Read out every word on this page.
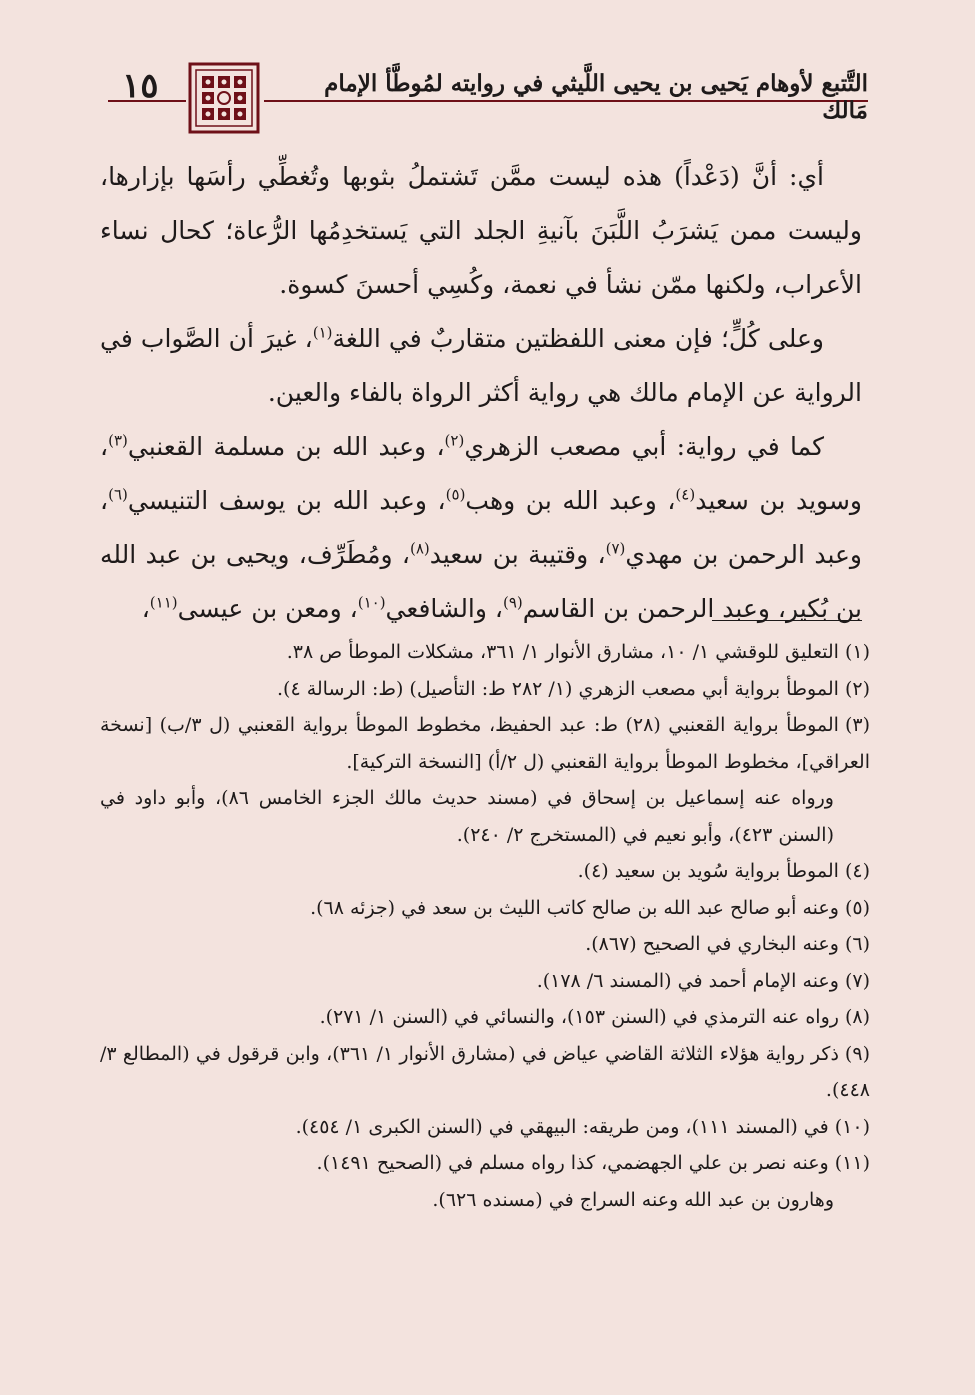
١٥	التَّتبع لأوهام يَحيى بن يحيى اللَّيثي في روايته لمُوطَّأ الإمام مَالك

أي: أنَّ (دَعْداً) هذه ليست ممَّن تَشتملُ بثوبها وتُغطِّي رأسَها بإزارها، وليست ممن يَشرَبُ اللَّبَنَ بآنيةِ الجلد التي يَستخدِمُها الرُّعاة؛ كحال نساء الأعراب، ولكنها ممّن نشأ في نعمة، وكُسِي أحسنَ كسوة.

وعلى كُلٍّ؛ فإن معنى اللفظتين متقاربٌ في اللغة$^{(١)}$، غيرَ أن الصَّواب في الرواية عن الإمام مالك هي رواية أكثر الرواة بالفاء والعين.

كما في رواية: أبي مصعب الزهري$^{(٢)}$، وعبد الله بن مسلمة القعنبي$^{(٣)}$، وسويد بن سعيد$^{(٤)}$، وعبد الله بن وهب$^{(٥)}$، وعبد الله بن يوسف التنيسي$^{(٦)}$، وعبد الرحمن بن مهدي$^{(٧)}$، وقتيبة بن سعيد$^{(٨)}$، ومُطَرِّف، ويحيى بن عبد الله بن بُكير، وعبد الرحمن بن القاسم$^{(٩)}$، والشافعي$^{(١٠)}$، ومعن بن عيسى$^{(١١)}$،

(١)التعليق للوقشي ١/ ١٠، مشارق الأنوار ١/ ٣٦١، مشكلات الموطأ ص ٣٨.

(٢)الموطأ برواية أبي مصعب الزهري (١/ ٢٨٢ ط: التأصيل) (ط: الرسالة ٤).

(٣)الموطأ برواية القعنبي (٢٨) ط: عبد الحفيظ، مخطوط الموطأ برواية القعنبي (ل ٣/ب) [نسخة العراقي]، مخطوط الموطأ برواية القعنبي (ل ٢/أ) [النسخة التركية].

ورواه عنه إسماعيل بن إسحاق في (مسند حديث مالك الجزء الخامس ٨٦)، وأبو داود في (السنن ٤٢٣)، وأبو نعيم في (المستخرج ٢/ ٢٤٠).

(٤)الموطأ برواية سُويد بن سعيد (٤).

(٥)وعنه أبو صالح عبد الله بن صالح كاتب الليث بن سعد في (جزئه ٦٨).

(٦)وعنه البخاري في الصحيح (٨٦٧).

(٧)وعنه الإمام أحمد في (المسند ٦/ ١٧٨).

(٨)رواه عنه الترمذي في (السنن ١٥٣)، والنسائي في (السنن ١/ ٢٧١).

(٩)ذكر رواية هؤلاء الثلاثة القاضي عياض في (مشارق الأنوار ١/ ٣٦١)، وابن قرقول في (المطالع ٣/ ٤٤٨).

(١٠)في (المسند ١١١)، ومن طريقه: البيهقي في (السنن الكبرى ١/ ٤٥٤).

(١١)وعنه نصر بن علي الجهضمي، كذا رواه مسلم في (الصحيح ١٤٩١).

وهارون بن عبد الله وعنه السراج في (مسنده ٦٢٦).
